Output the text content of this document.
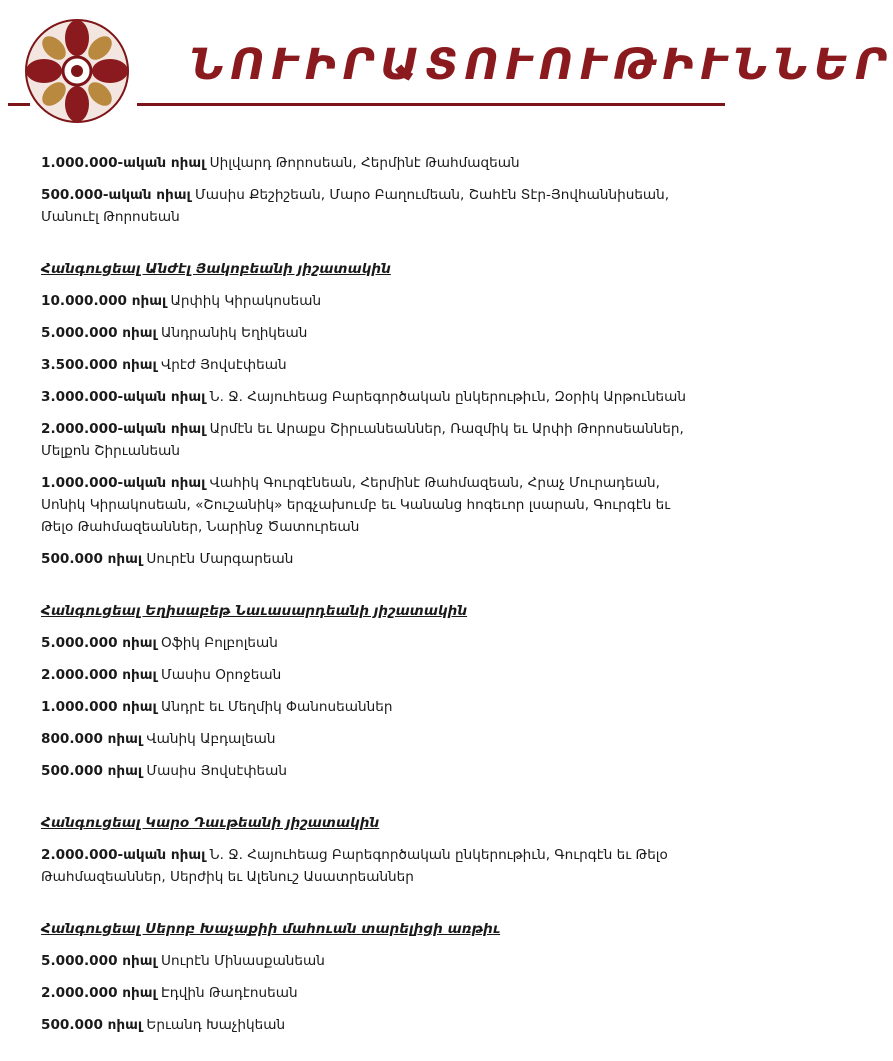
ՆՈՒԻՐԱՏՈՒՈՒԹԻՒՆՆԵՐ
1.000.000-ական ոիալ Սիլվարդ Թորոսեան, Հերմինէ Թահմազեան
500.000-ական ոիալ Մասիս Քեշիշեան, Մարօ Բաղումեան, Շաhէն Տէր-Յովհաննիսեան, Մանուէլ Թորոսեան
Հանգուցեալ Անժէլ Յակոբեանի յիշատակին
10.000.000 ոիալ Արփիկ Կիրակոսեան
5.000.000 ոիալ Անդրանիկ Եղիկեան
3.500.000 ոիալ Վրէժ Յովսէփեան
3.000.000-ական ոիալ Ն. Ջ. Հայուհեաց Բարեգործական ընկերութիւն, Զօրիկ Արթունեան
2.000.000-ական ոիալ Արմէն եւ Արաքս Շիրւանեաններ, Ռազմիկ եւ Արփի Թորոսեաններ, Մելքոն Շիրւանեան
1.000.000-ական ոիալ Վահիկ Գուրգէնեան, Հերմինէ Թահմազեան, Հրաչ Մուրադեան, Սոնիկ Կիրակոսեան, «Շուշանիկ» երգչախումբ եւ Կանանց հոգեւոր լսարան, Գուրգէն եւ Թելօ Թահմազեաններ, Նարինջ Ծատուրեան
500.000 ոիալ Սուրէն Մարգարեան
Հանգուցեալ Եղիսաբեթ Նաւասարդեանի յիշատակին
5.000.000 ոիալ Օֆիկ Բոլբոլեան
2.000.000 ոիալ Մասիս Օրոջեան
1.000.000 ոիալ Անդրէ եւ Մեղմիկ Փանոսեաններ
800.000 ոիալ Վանիկ Աբդալեան
500.000 ոիալ Մասիս Յովսէփեան
Հանգուցեալ Կարօ Դաւթեանի յիշատակին
2.000.000-ական ոիալ Ն. Ջ. Հայուհեաց Բարեգործական ընկերութիւն, Գուրգէն եւ Թելօ Թահմազեաններ, Սերժիկ եւ Ալենուշ Ասատրեաններ
Հանգուցեալ Սերոբ Խաչաքիի մահուան տարելիցի առթիւ
5.000.000 ոիալ Սուրէն Մինասքանեան
2.000.000 ոիալ Էդվին Թադէոսեան
500.000 ոիալ Երւանդ Խաչիկեան
